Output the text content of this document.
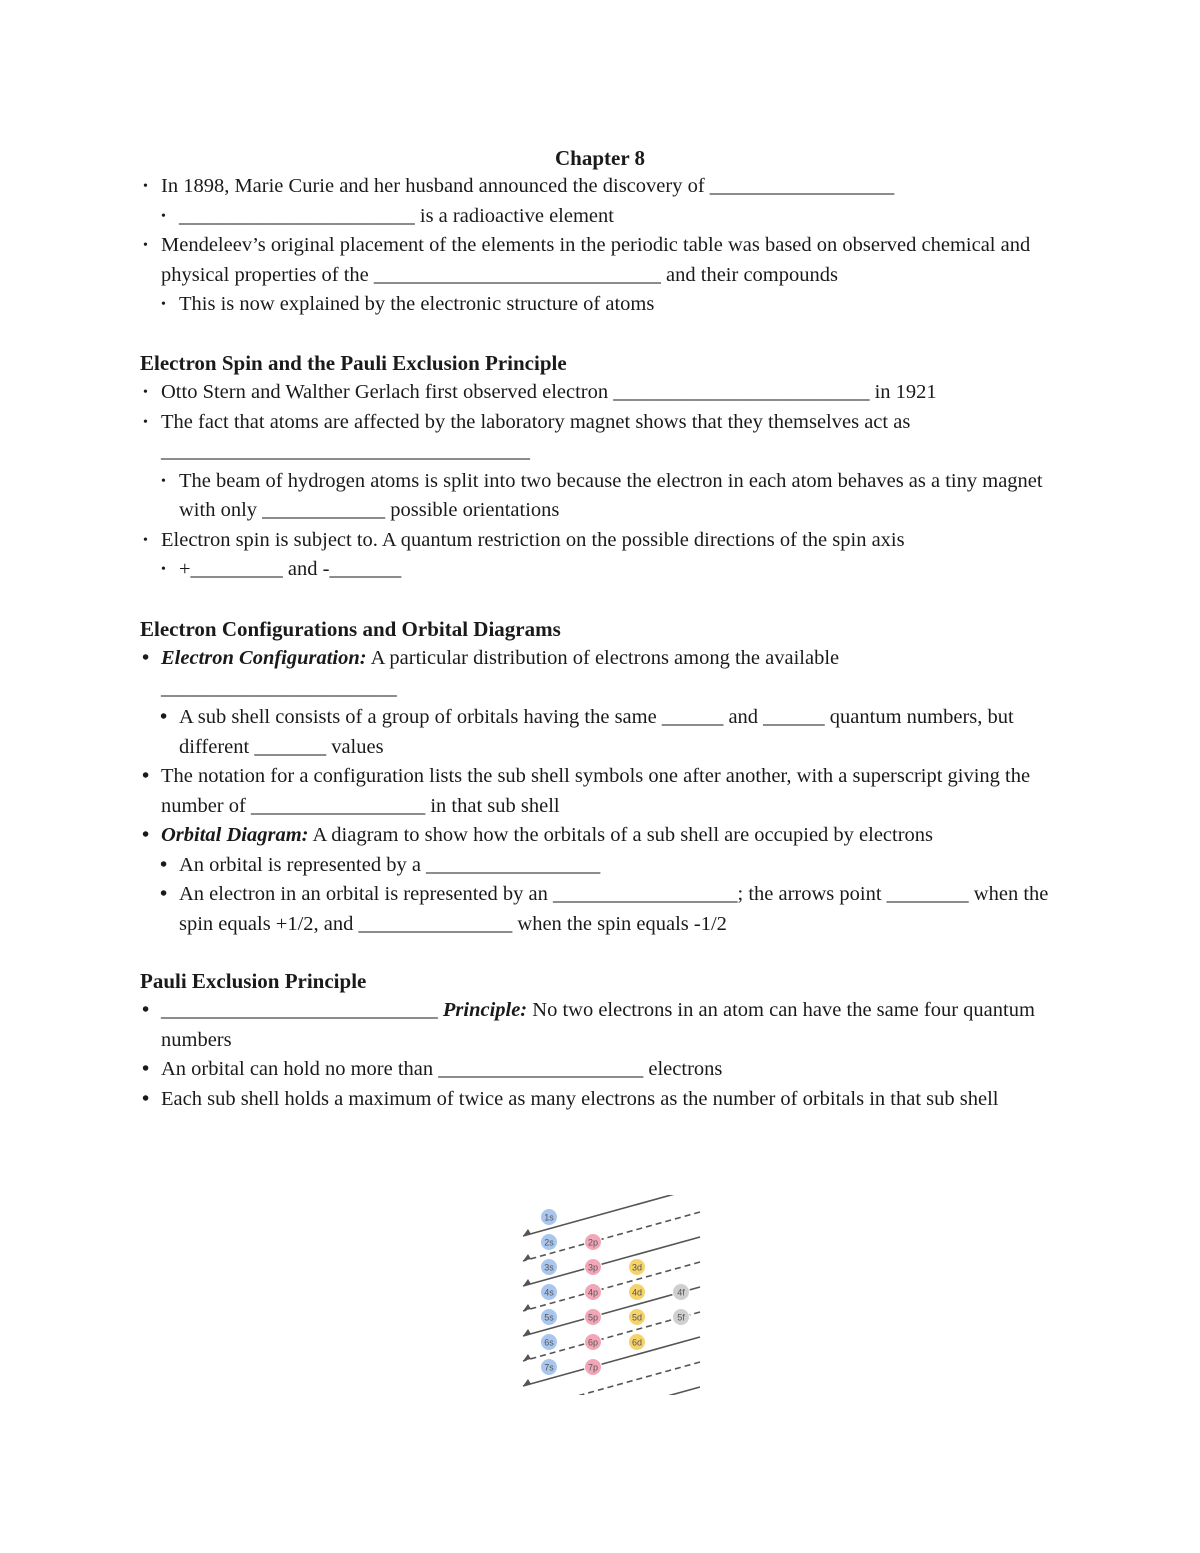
Chapter 8
• In 1898, Marie Curie and her husband announced the discovery of __________________
• _______________________ is a radioactive element
• Mendeleev’s original placement of the elements in the periodic table was based on observed chemical and physical properties of the ____________________________ and their compounds
• This is now explained by the electronic structure of atoms
Electron Spin and the Pauli Exclusion Principle
• Otto Stern and Walther Gerlach first observed electron _________________________ in 1921
• The fact that atoms are affected by the laboratory magnet shows that they themselves act as ____________________________________
• The beam of hydrogen atoms is split into two because the electron in each atom behaves as a tiny magnet with only ____________ possible orientations
• Electron spin is subject to. A quantum restriction on the possible directions of the spin axis
• +_________ and -_______
Electron Configurations and Orbital Diagrams
• Electron Configuration: A particular distribution of electrons among the available _______________________
• A sub shell consists of a group of orbitals having the same ______ and ______ quantum numbers, but different _______ values
• The notation for a configuration lists the sub shell symbols one after another, with a superscript giving the number of _________________ in that sub shell
• Orbital Diagram: A diagram to show how the orbitals of a sub shell are occupied by electrons
• An orbital is represented by a _________________
• An electron in an orbital is represented by an __________________; the arrows point ________ when the spin equals +1/2, and _______________ when the spin equals -1/2
Pauli Exclusion Principle
• ___________________________ Principle: No two electrons in an atom can have the same four quantum numbers
• An orbital can hold no more than ____________________ electrons
• Each sub shell holds a maximum of twice as many electrons as the number of orbitals in that sub shell
1s
2s
3s
4s
5s
6s
7s
2p
3p
4p
5p
6p
7p
3d
4d
5d
6d
4f
5f
